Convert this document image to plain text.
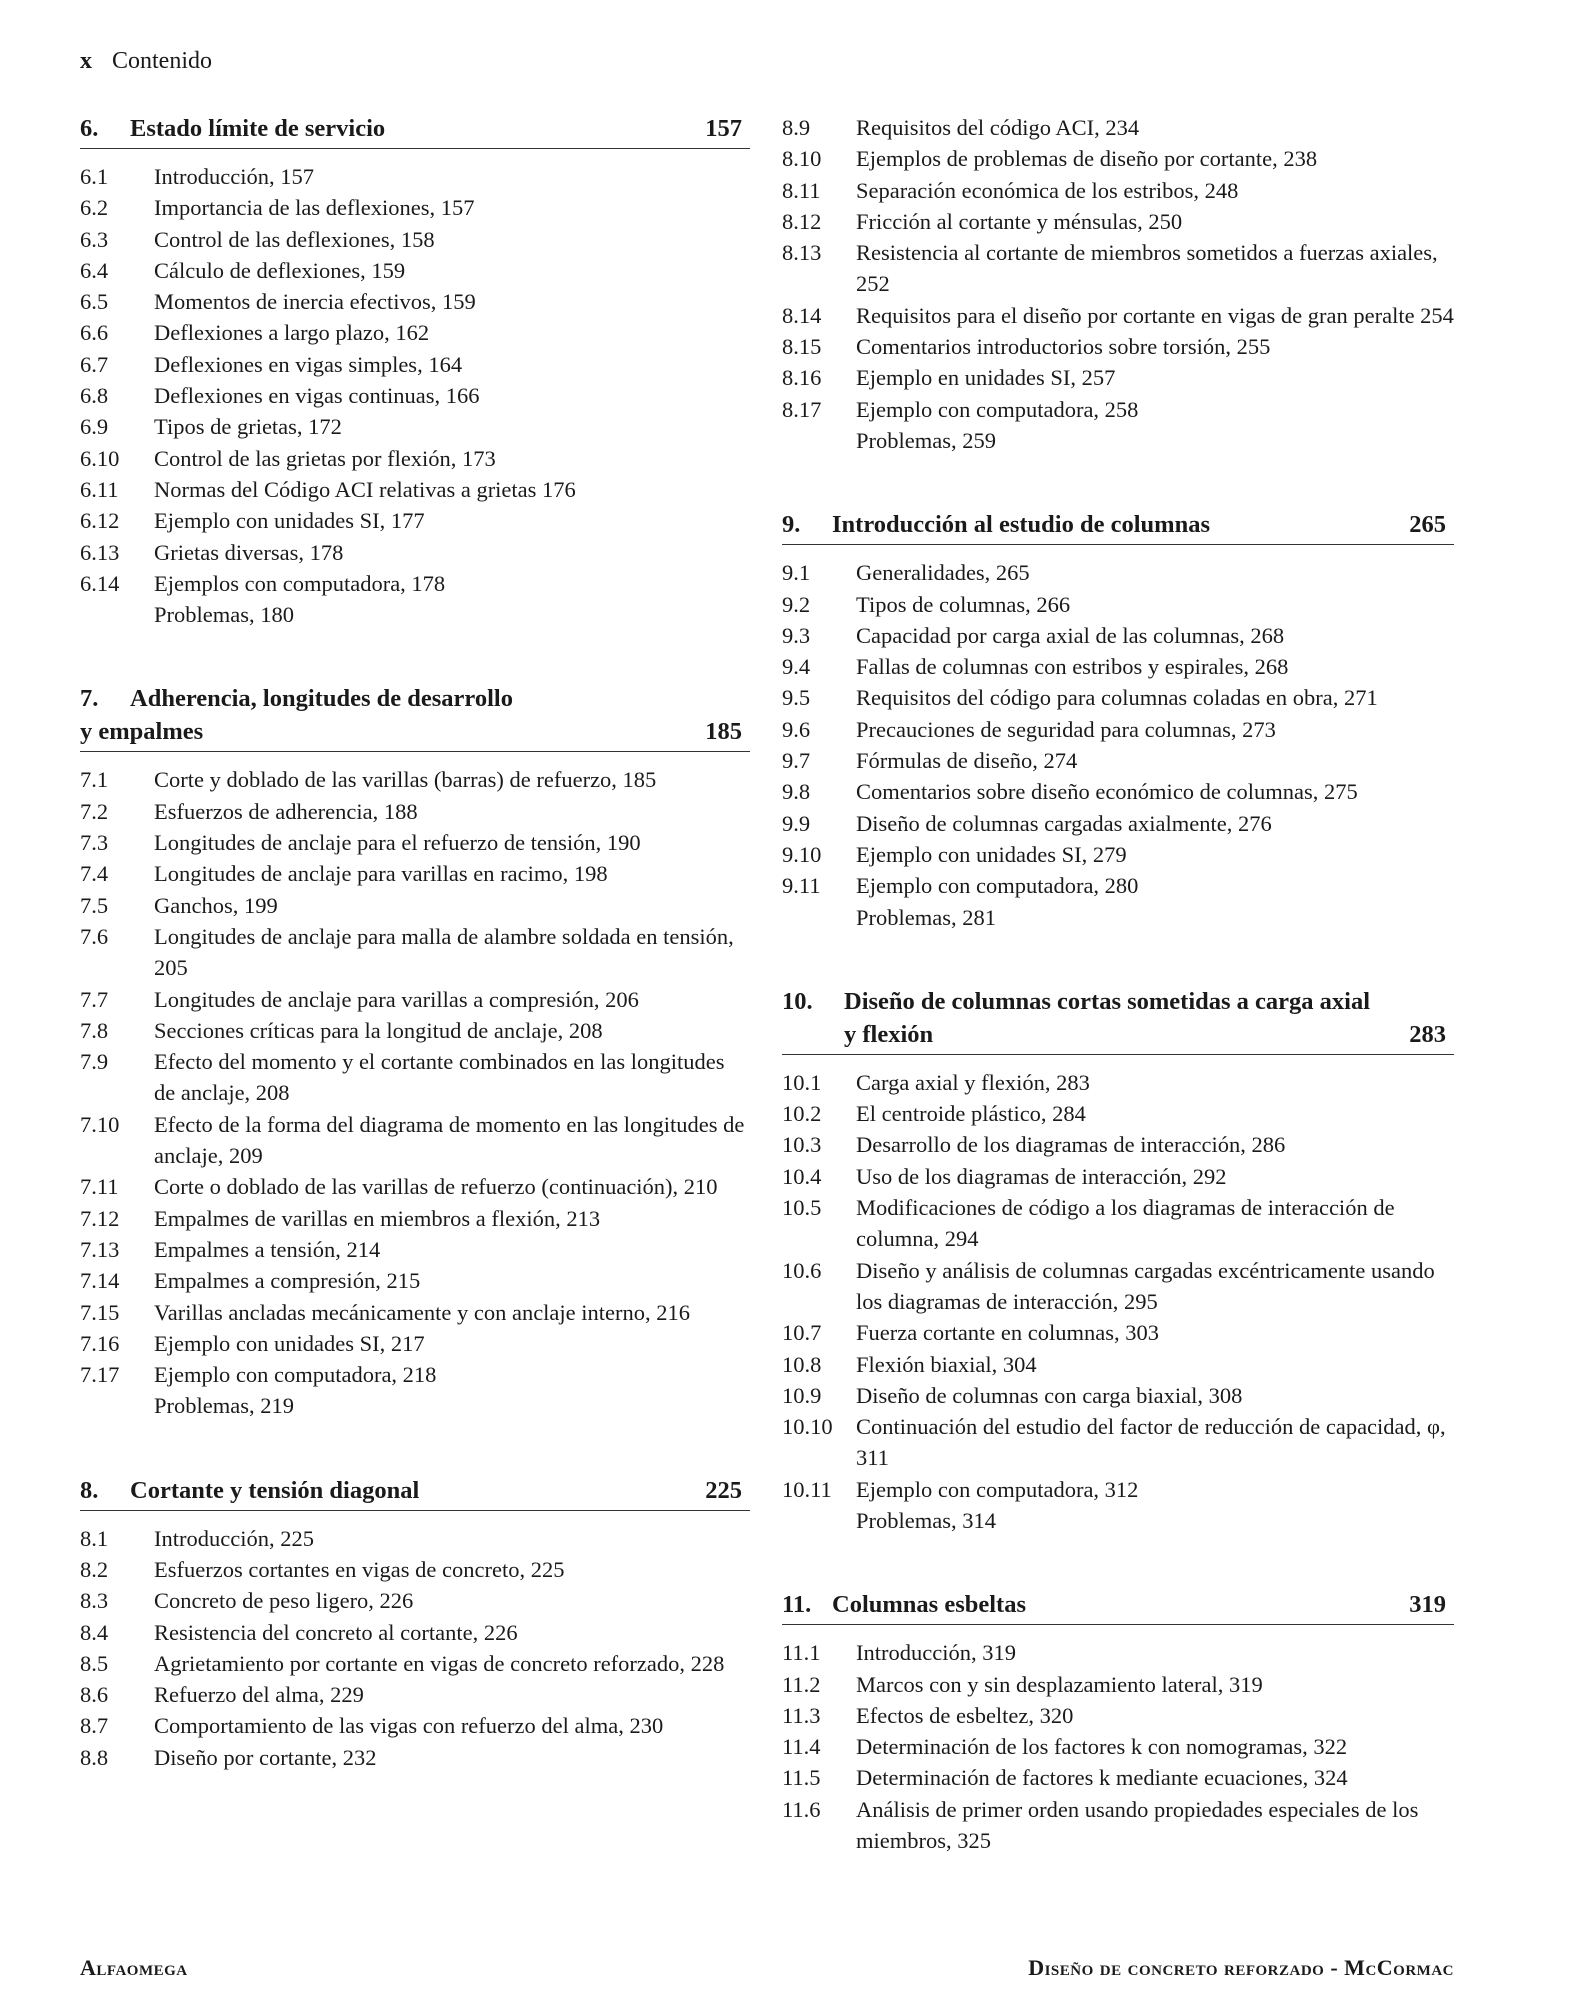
x Contenido
6. Estado límite de servicio	157
6.1	Introducción, 157
6.2	Importancia de las deflexiones, 157
6.3	Control de las deflexiones, 158
6.4	Cálculo de deflexiones, 159
6.5	Momentos de inercia efectivos, 159
6.6	Deflexiones a largo plazo, 162
6.7	Deflexiones en vigas simples, 164
6.8	Deflexiones en vigas continuas, 166
6.9	Tipos de grietas, 172
6.10	Control de las grietas por flexión, 173
6.11	Normas del Código ACI relativas a grietas 176
6.12	Ejemplo con unidades SI, 177
6.13	Grietas diversas, 178
6.14	Ejemplos con computadora, 178
Problemas, 180
7. Adherencia, longitudes de desarrollo
y empalmes	185
7.1	Corte y doblado de las varillas (barras) de refuerzo, 185
7.2	Esfuerzos de adherencia, 188
7.3	Longitudes de anclaje para el refuerzo de tensión, 190
7.4	Longitudes de anclaje para varillas en racimo, 198
7.5	Ganchos, 199
7.6	Longitudes de anclaje para malla de alambre soldada en tensión, 205
7.7	Longitudes de anclaje para varillas a compresión, 206
7.8	Secciones críticas para la longitud de anclaje, 208
7.9	Efecto del momento y el cortante combinados en las longitudes de anclaje, 208
7.10	Efecto de la forma del diagrama de momento en las longitudes de anclaje, 209
7.11	Corte o doblado de las varillas de refuerzo (continuación), 210
7.12	Empalmes de varillas en miembros a flexión, 213
7.13	Empalmes a tensión, 214
7.14	Empalmes a compresión, 215
7.15	Varillas ancladas mecánicamente y con anclaje interno, 216
7.16	Ejemplo con unidades SI, 217
7.17	Ejemplo con computadora, 218
Problemas, 219
8. Cortante y tensión diagonal	225
8.1	Introducción, 225
8.2	Esfuerzos cortantes en vigas de concreto, 225
8.3	Concreto de peso ligero, 226
8.4	Resistencia del concreto al cortante, 226
8.5	Agrietamiento por cortante en vigas de concreto reforzado, 228
8.6	Refuerzo del alma, 229
8.7	Comportamiento de las vigas con refuerzo del alma, 230
8.8	Diseño por cortante, 232
8.9	Requisitos del código ACI, 234
8.10	Ejemplos de problemas de diseño por cortante, 238
8.11	Separación económica de los estribos, 248
8.12	Fricción al cortante y ménsulas, 250
8.13	Resistencia al cortante de miembros sometidos a fuerzas axiales, 252
8.14	Requisitos para el diseño por cortante en vigas de gran peralte 254
8.15	Comentarios introductorios sobre torsión, 255
8.16	Ejemplo en unidades SI, 257
8.17	Ejemplo con computadora, 258
Problemas, 259
9. Introducción al estudio de columnas	265
9.1	Generalidades, 265
9.2	Tipos de columnas, 266
9.3	Capacidad por carga axial de las columnas, 268
9.4	Fallas de columnas con estribos y espirales, 268
9.5	Requisitos del código para columnas coladas en obra, 271
9.6	Precauciones de seguridad para columnas, 273
9.7	Fórmulas de diseño, 274
9.8	Comentarios sobre diseño económico de columnas, 275
9.9	Diseño de columnas cargadas axialmente, 276
9.10	Ejemplo con unidades SI, 279
9.11	Ejemplo con computadora, 280
Problemas, 281
10. Diseño de columnas cortas sometidas a carga axial
y flexión	283
10.1	Carga axial y flexión, 283
10.2	El centroide plástico, 284
10.3	Desarrollo de los diagramas de interacción, 286
10.4	Uso de los diagramas de interacción, 292
10.5	Modificaciones de código a los diagramas de interacción de columna, 294
10.6	Diseño y análisis de columnas cargadas excéntricamente usando los diagramas de interacción, 295
10.7	Fuerza cortante en columnas, 303
10.8	Flexión biaxial, 304
10.9	Diseño de columnas con carga biaxial, 308
10.10	Continuación del estudio del factor de reducción de capacidad, φ, 311
10.11	Ejemplo con computadora, 312
Problemas, 314
11. Columnas esbeltas	319
11.1	Introducción, 319
11.2	Marcos con y sin desplazamiento lateral, 319
11.3	Efectos de esbeltez, 320
11.4	Determinación de los factores k con nomogramas, 322
11.5	Determinación de factores k mediante ecuaciones, 324
11.6	Análisis de primer orden usando propiedades especiales de los miembros, 325
Alfaomega	Diseño de concreto reforzado - McCormac
